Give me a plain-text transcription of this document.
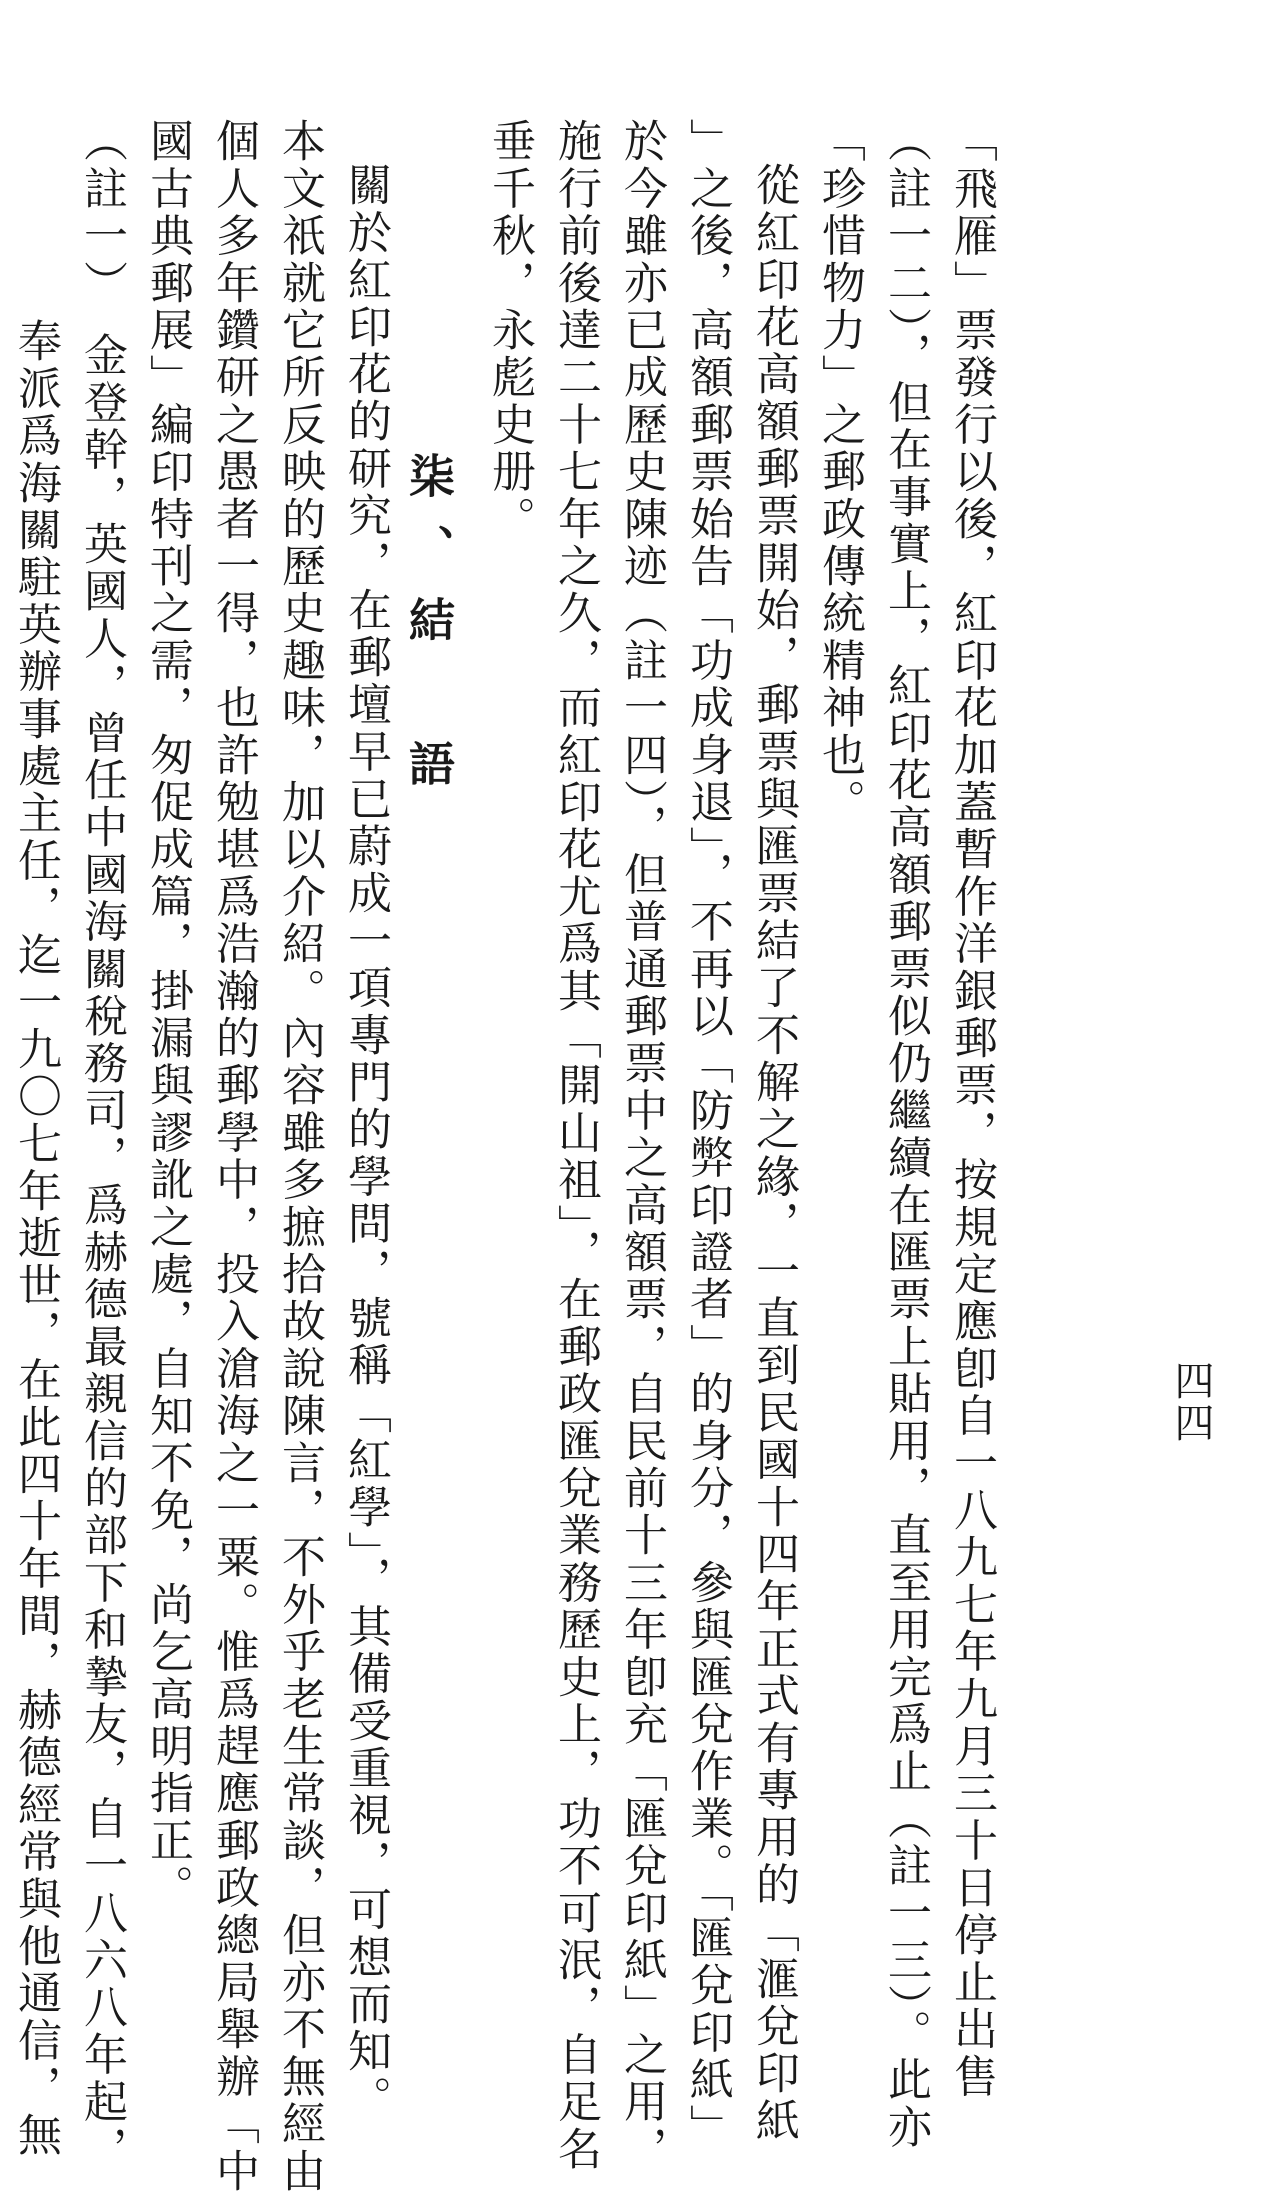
四四
「飛雁」票發行以後，紅印花加蓋暫作洋銀郵票，按規定應卽自一八九七年九月三十日停止出售
（註一二），但在事實上，紅印花高額郵票似仍繼續在匯票上貼用，直至用完爲止（註一三）。此亦
「珍惜物力」之郵政傳統精神也。
從紅印花高額郵票開始，郵票與匯票結了不解之緣，一直到民國十四年正式有專用的「滙兌印紙
」之後，高額郵票始告「功成身退」，不再以「防弊印證者」的身分，參與匯兌作業。「匯兌印紙」
於今雖亦已成歷史陳迹（註一四），但普通郵票中之高額票，自民前十三年卽充「匯兌印紙」之用，
施行前後達二十七年之久，而紅印花尤爲其「開山祖」，在郵政匯兌業務歷史上，功不可泯，自足名
垂千秋，永彪史册。
柒、結　語
關於紅印花的研究，在郵壇早已蔚成一項專門的學問，號稱「紅學」，其備受重視，可想而知。
本文祇就它所反映的歷史趣味，加以介紹。內容雖多摭拾故說陳言，不外乎老生常談，但亦不無經由
個人多年鑽研之愚者一得，也許勉堪爲浩瀚的郵學中，投入滄海之一粟。惟爲趕應郵政總局舉辦「中
國古典郵展」編印特刊之需，匆促成篇，掛漏與謬訛之處，自知不免，尚乞高明指正。
（註一）　金登幹，英國人，曾任中國海關稅務司，爲赫德最親信的部下和摯友，自一八六八年起，
奉派爲海關駐英辦事處主任，迄一九〇七年逝世，在此四十年間，赫德經常與他通信，無
